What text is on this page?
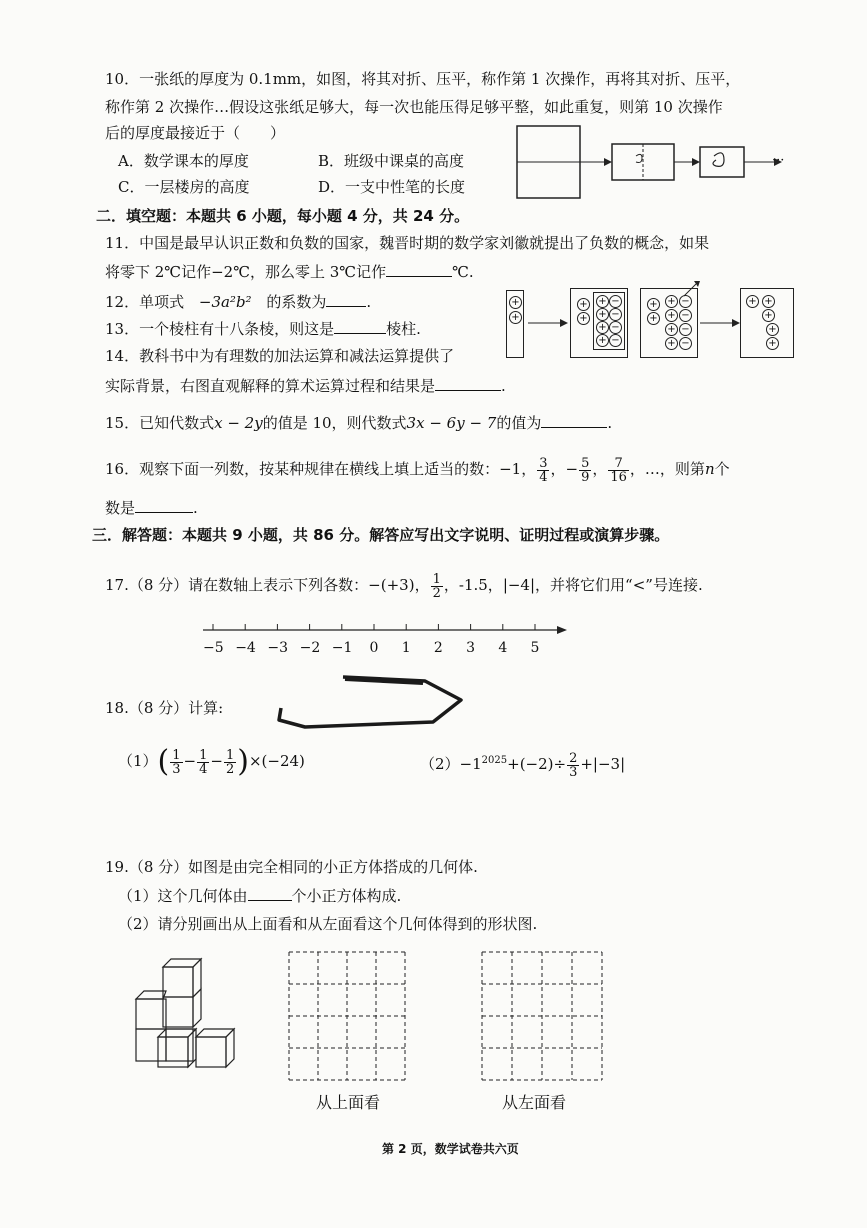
10．一张纸的厚度为 0.1mm，如图，将其对折、压平，称作第 1 次操作，再将其对折、压平，
称作第 2 次操作…假设这张纸足够大，每一次也能压得足够平整，如此重复，则第 10 次操作
后的厚度最接近于（　　）
A．数学课本的厚度	B．班级中课桌的高度
C．一层楼房的高度	D．一支中性笔的长度
···
二．填空题：本题共 6 小题，每小题 4 分，共 24 分。
11．中国是最早认识正数和负数的国家，魏晋时期的数学家刘徽就提出了负数的概念，如果
将零下 2℃记作−2℃，那么零上 3℃记作	℃.
12．单项式 −3a²b² 的系数为	.
13．一个棱柱有十八条棱，则这是	棱柱.
14．教科书中为有理数的加法运算和减法运算提供了
实际背景，右图直观解释的算术运算过程和结果是	.
+
+
+
+
+ −
+ −
+ −
+ −
+
+
+ −
+ −
+ −
+ −
+ +
+
+
+
15．已知代数式x − 2y的值是 10，则代数式3x − 6y − 7的值为	.
16．观察下面一列数，按某种规律在横线上填上适当的数：−1， $\frac{3}{4}$ ，− $\frac{5}{9}$ ， $\frac{7}{16}$ ，…，则第n个
数是	.
三．解答题：本题共 9 小题，共 86 分。解答应写出文字说明、证明过程或演算步骤。
17.（8 分）请在数轴上表示下列各数：−(+3)， $\frac{1}{2}$ ，-1.5，|−4|，并将它们用“<”号连接.
−5 −4 −3 −2 −1	0	1	2	3	4	5
18.（8 分）计算:
$(1)( \frac{1}{3} - \frac{1}{4} - \frac{1}{2} )\times(-24)$	$(2)-1^{2025}+(-2)\div \frac{2}{3} +|-3|$
19.（8 分）如图是由完全相同的小正方体搭成的几何体.
（1）这个几何体由	个小正方体构成.
（2）请分别画出从上面看和从左面看这个几何体得到的形状图.
从上面看	从左面看
第 2 页，数学试卷共六页
